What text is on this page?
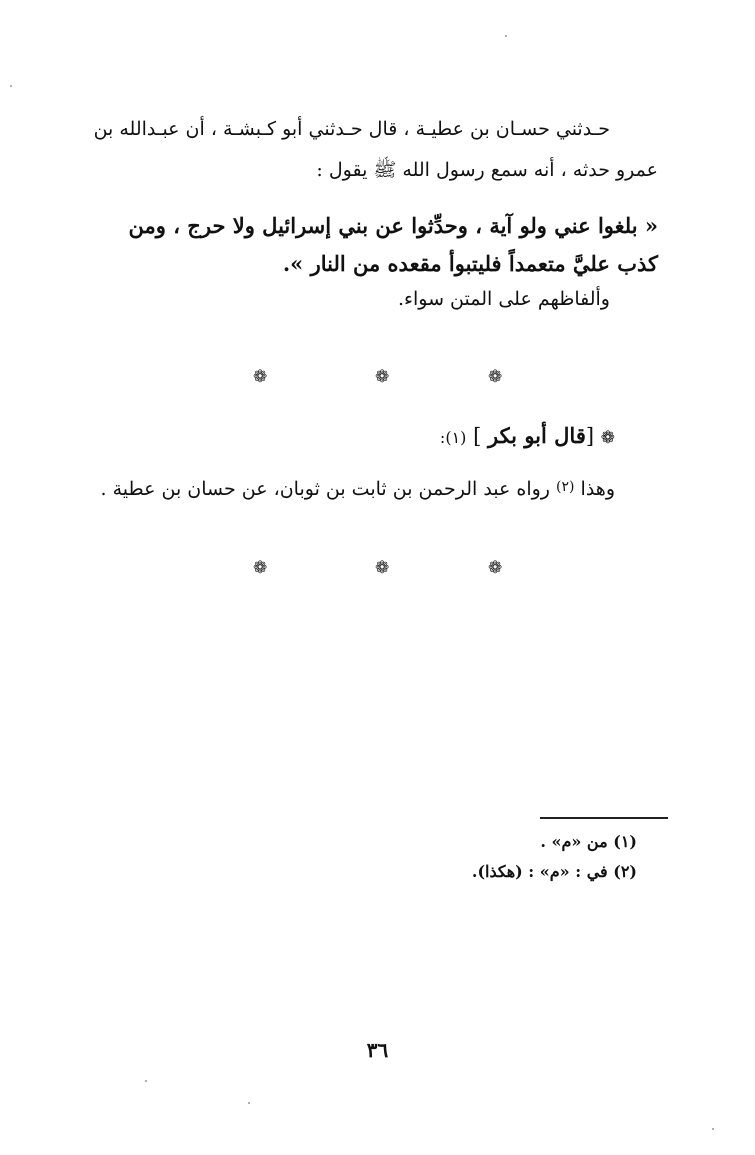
حـدثني حسـان بن عطيـة ، قال حـدثني أبو كـبشـة ، أن عبـدالله بن
عمرو حدثه ، أنه سمع رسول الله ﷺ يقول :
« بلغوا عني ولو آية ، وحدِّثوا عن بني إسرائيل ولا حرج ، ومن
كذب عليَّ متعمداً فليتبوأ مقعده من النار ».
وألفاظهم على المتن سواء.
❁	❁	❁
❁ [قال أبو بكر ] (١):
وهذا $^{(٢)}$ رواه عبد الرحمن بن ثابت بن ثوبان، عن حسان بن عطية .
❁	❁	❁
(١) من «م» .
(٢) في : «م» : (هكذا).
٣٦
